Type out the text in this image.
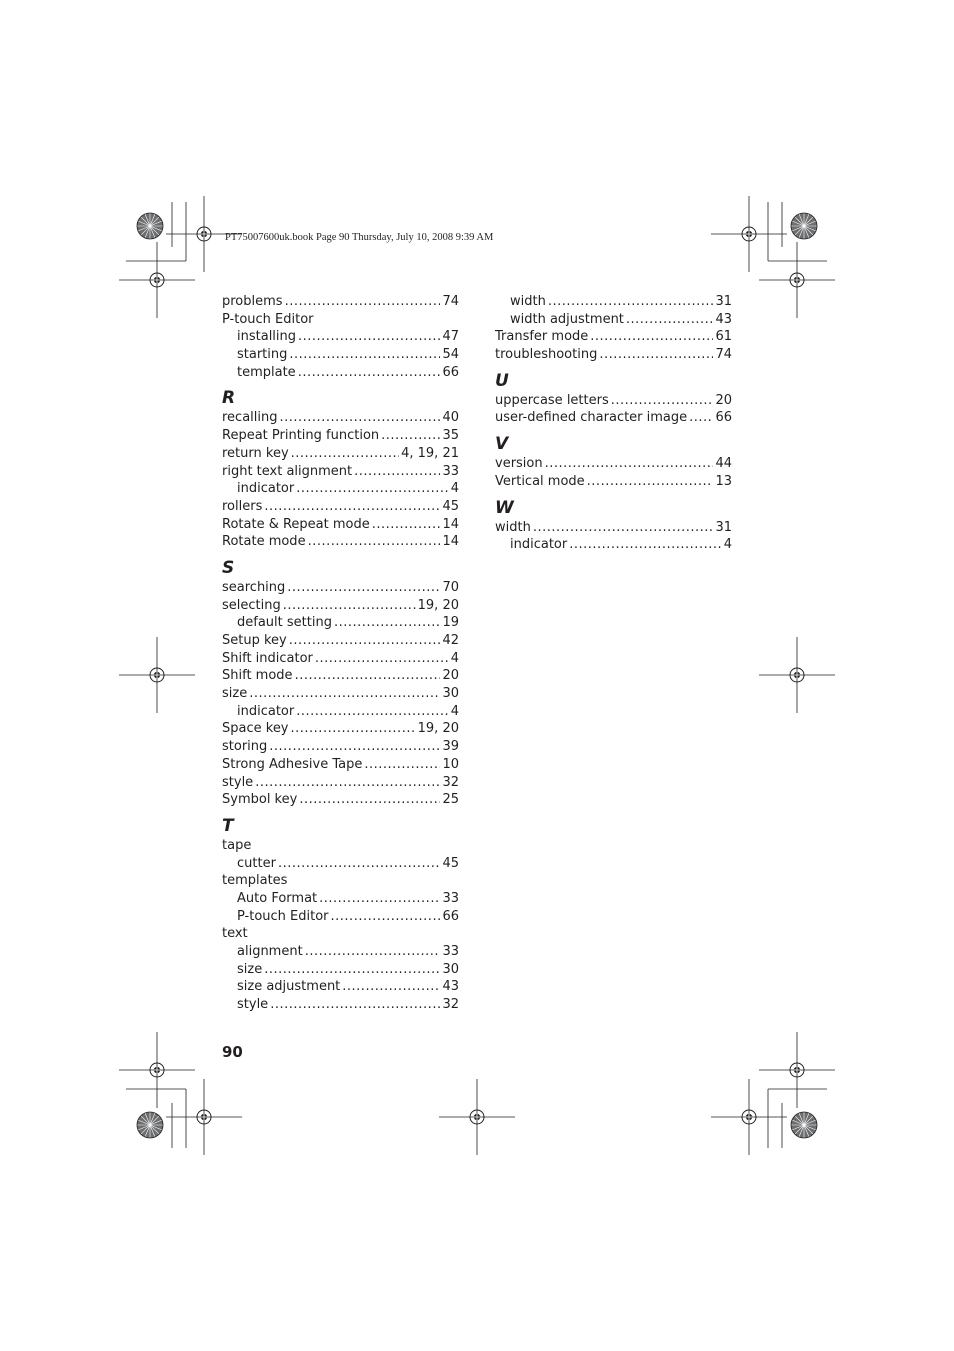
PT75007600uk.book Page 90 Thursday, July 10, 2008 9:39 AM
problems .....	74
P-touch Editor
installing .....	47
starting .....	54
template .....	66
R
recalling .....	40
Repeat Printing function .....	35
return key .....	4, 19, 21
right text alignment .....	33
indicator .....	4
rollers .....	45
Rotate & Repeat mode .....	14
Rotate mode .....	14
S
searching .....	70
selecting .....	19, 20
default setting .....	19
Setup key .....	42
Shift indicator .....	4
Shift mode .....	20
size .....	30
indicator .....	4
Space key .....	19, 20
storing .....	39
Strong Adhesive Tape .....	10
style .....	32
Symbol key .....	25
T
tape
cutter .....	45
templates
Auto Format .....	33
P-touch Editor .....	66
text
alignment .....	33
size .....	30
size adjustment .....	43
style .....	32
width .....	31
width adjustment .....	43
Transfer mode .....	61
troubleshooting .....	74
U
uppercase letters .....	20
user-defined character image ..... 66
V
version .....	44
Vertical mode .....	13
W
width .....	31
indicator .....	4
90
